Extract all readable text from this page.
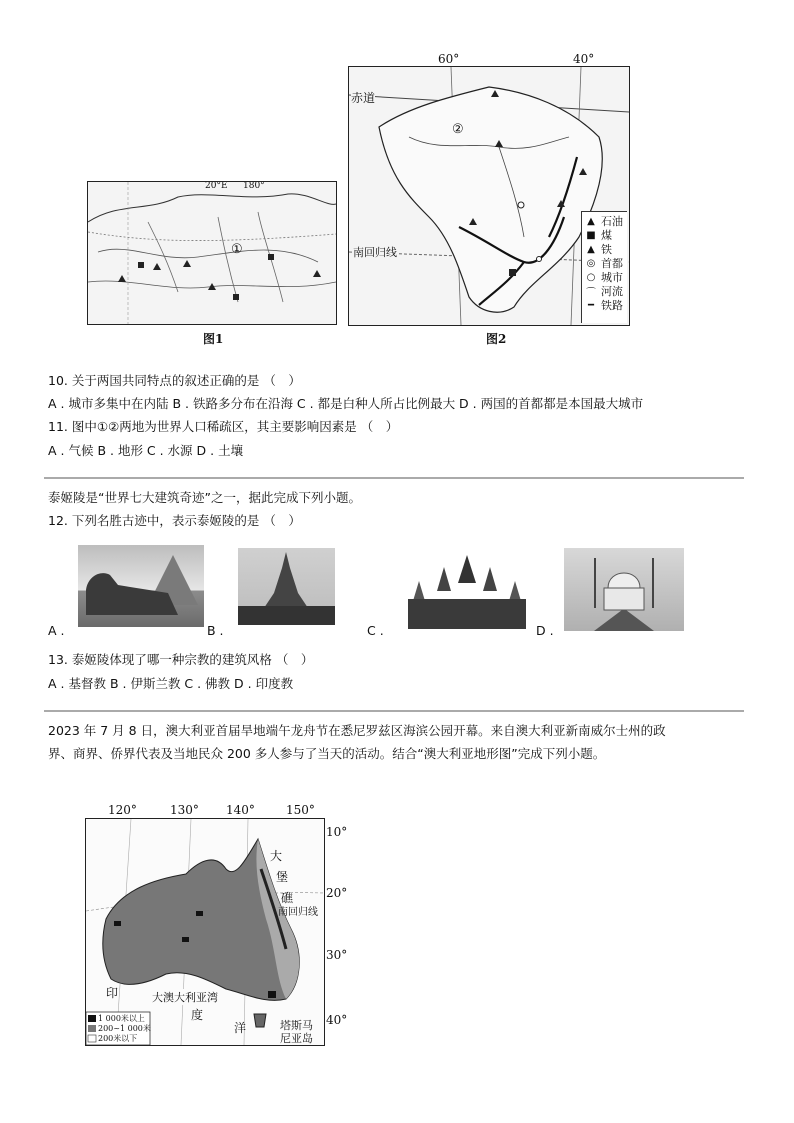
20°E 180°
①
图1
60°	40°
赤道
南回归线
②
▲ 石油
■ 煤
▲ 铁
◎ 首都
○ 城市
⌒ 河流
━ 铁路
图2
10. 关于两国共同特点的叙述正确的是 （　）
A . 城市多集中在内陆 B . 铁路多分布在沿海 C . 都是白种人所占比例最大 D . 两国的首都都是本国最大城市
11. 图中①②两地为世界人口稀疏区，其主要影响因素是 （　）
A . 气候 B . 地形 C . 水源 D . 土壤
泰姬陵是“世界七大建筑奇迹”之一，据此完成下列小题。
12. 下列名胜古迹中，表示泰姬陵的是 （　）
A .	B .	C .	D .
13. 泰姬陵体现了哪一种宗教的建筑风格 （　）
A . 基督教 B . 伊斯兰教 C . 佛教 D . 印度教
2023 年 7 月 8 日，澳大利亚首届旱地端午龙舟节在悉尼罗兹区海滨公园开幕。来自澳大利亚新南威尔士州的政
界、商界、侨界代表及当地民众 200 多人参与了当天的活动。结合“澳大利亚地形图”完成下列小题。
120°	130° 140°	150°
大
堡
礁
南回归线
大澳大利亚湾
印
度
洋	塔斯马
尼亚岛
1 000米以上
200~1 000米
200米以下
10°
20°
30°
40°
